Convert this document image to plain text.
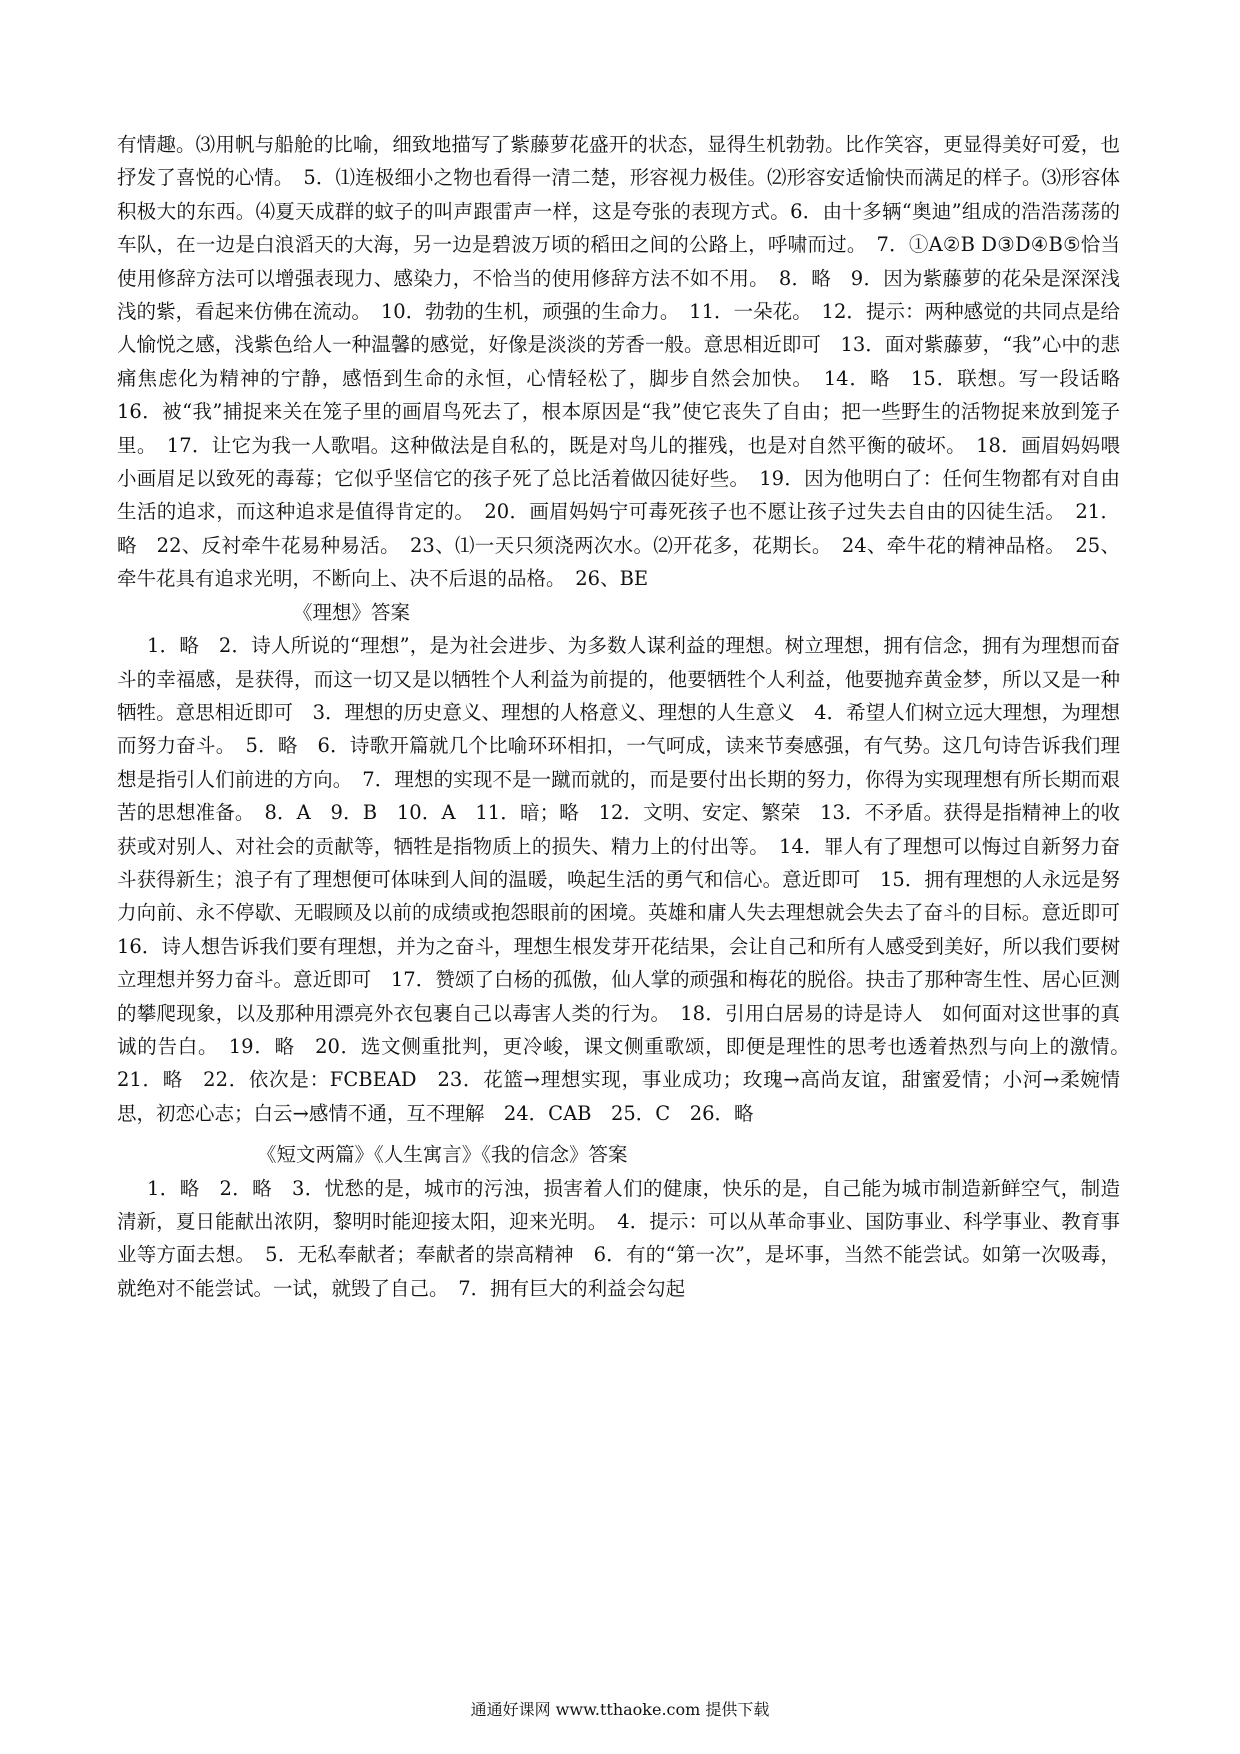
有情趣。⑶用帆与船舱的比喻，细致地描写了紫藤萝花盛开的状态，显得生机勃勃。比作笑容，更显得美好可爱，也抒发了喜悦的心情。　5．⑴连极细小之物也看得一清二楚，形容视力极佳。⑵形容安适愉快而满足的样子。⑶形容体积极大的东西。⑷夏天成群的蚊子的叫声跟雷声一样，这是夸张的表现方式。6．由十多辆“奥迪”组成的浩浩荡荡的车队，在一边是白浪滔天的大海，另一边是碧波万顷的稻田之间的公路上，呼啸而过。　7．①A②B D③D④B⑤恰当使用修辞方法可以增强表现力、感染力，不恰当的使用修辞方法不如不用。　8．略　9．因为紫藤萝的花朵是深深浅浅的紫，看起来仿佛在流动。　10．勃勃的生机，顽强的生命力。　11．一朵花。　12．提示：两种感觉的共同点是给人愉悦之感，浅紫色给人一种温馨的感觉，好像是淡淡的芳香一般。意思相近即可　13．面对紫藤萝，“我”心中的悲痛焦虑化为精神的宁静，感悟到生命的永恒，心情轻松了，脚步自然会加快。　14．略　15．联想。写一段话略　16．被“我”捕捉来关在笼子里的画眉鸟死去了，根本原因是“我”使它丧失了自由；把一些野生的活物捉来放到笼子里。　17．让它为我一人歌唱。这种做法是自私的，既是对鸟儿的摧残，也是对自然平衡的破坏。　18．画眉妈妈喂小画眉足以致死的毒莓；它似乎坚信它的孩子死了总比活着做囚徒好些。　19．因为他明白了：任何生物都有对自由生活的追求，而这种追求是值得肯定的。　20．画眉妈妈宁可毒死孩子也不愿让孩子过失去自由的囚徒生活。　21．略　22、反衬牵牛花易种易活。　23、⑴一天只须浇两次水。⑵开花多，花期长。　24、牵牛花的精神品格。　25、牵牛花具有追求光明，不断向上、决不后退的品格。　26、BE

《理想》答案

1．略　2．诗人所说的“理想”，是为社会进步、为多数人谋利益的理想。树立理想，拥有信念，拥有为理想而奋斗的幸福感，是获得，而这一切又是以牺牲个人利益为前提的，他要牺牲个人利益，他要抛弃黄金梦，所以又是一种牺牲。意思相近即可　3．理想的历史意义、理想的人格意义、理想的人生意义　4．希望人们树立远大理想，为理想而努力奋斗。　5．略　6．诗歌开篇就几个比喻环环相扣，一气呵成，读来节奏感强，有气势。这几句诗告诉我们理想是指引人们前进的方向。　7．理想的实现不是一蹴而就的，而是要付出长期的努力，你得为实现理想有所长期而艰苦的思想准备。　8．A　9．B　10．A　11．暗；略　12．文明、安定、繁荣　13．不矛盾。获得是指精神上的收获或对别人、对社会的贡献等，牺牲是指物质上的损失、精力上的付出等。　14．罪人有了理想可以悔过自新努力奋斗获得新生；浪子有了理想便可体味到人间的温暖，唤起生活的勇气和信心。意近即可　15．拥有理想的人永远是努力向前、永不停歇、无暇顾及以前的成绩或抱怨眼前的困境。英雄和庸人失去理想就会失去了奋斗的目标。意近即可　16．诗人想告诉我们要有理想，并为之奋斗，理想生根发芽开花结果，会让自己和所有人感受到美好，所以我们要树立理想并努力奋斗。意近即可　17．赞颂了白杨的孤傲，仙人掌的顽强和梅花的脱俗。抉击了那种寄生性、居心叵测的攀爬现象，以及那种用漂亮外衣包裹自己以毒害人类的行为。　18．引用白居易的诗是诗人　如何面对这世事的真诚的告白。　19．略　20．选文侧重批判，更冷峻，课文侧重歌颂，即便是理性的思考也透着热烈与向上的激情。　21．略　22．依次是：FCBEAD　23．花篮→理想实现，事业成功；玫瑰→高尚友谊，甜蜜爱情；小河→柔婉情思，初恋心志；白云→感情不通，互不理解　24．CAB　25．C　26．略

《短文两篇》《人生寓言》《我的信念》答案

1．略　2．略　3．忧愁的是，城市的污浊，损害着人们的健康，快乐的是，自己能为城市制造新鲜空气，制造清新，夏日能献出浓阴，黎明时能迎接太阳，迎来光明。　4．提示：可以从革命事业、国防事业、科学事业、教育事业等方面去想。　5．无私奉献者；奉献者的崇高精神　6．有的“第一次”，是坏事，当然不能尝试。如第一次吸毒，就绝对不能尝试。一试，就毁了自己。　7．拥有巨大的利益会勾起

通通好课网 www.tthaoke.com 提供下载
